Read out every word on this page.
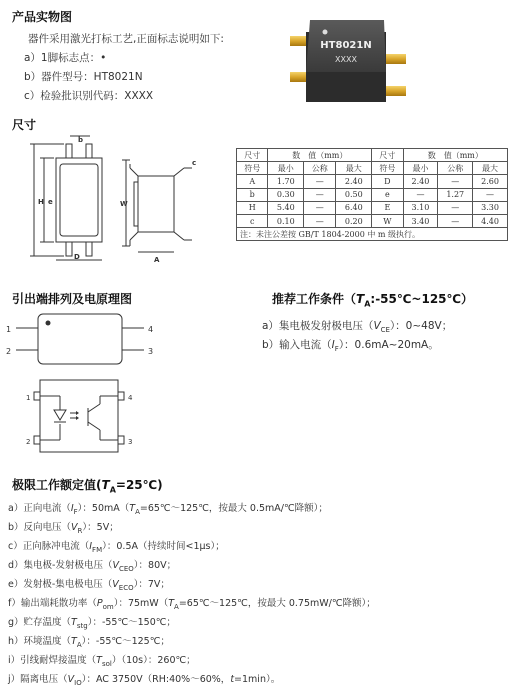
产品实物图
器件采用激光打标工艺,正面标志说明如下:
a）1脚标志点：•
b）器件型号：HT8021N
c）检验批识别代码：XXXX
HT8021N
XXXX
尺寸
H e
D
b
W
A
c
尺寸	数　值（mm）			尺寸	数　值（mm）		
符号	最小	公称	最大	符号	最小	公称	最大
A	1.70	—	2.40	D	2.40	—	2.60
b	0.30	—	0.50	e	—	1.27	—
H	5.40	—	6.40	E	3.10	—	3.30
c	0.10	—	0.20	W	3.40	—	4.40
注：未注公差按 GB/T 1804-2000 中 m 级执行。							
引出端排列及电原理图
1
2	3
4
1
2	3
4
推荐工作条件$(T_A:-55℃\sim 125℃)$
a）集电极发射极电压$(V_{CE})$：0~48V；
b）输入电流$(I_F)$：0.6mA~20mA。
极限工作额定值$(T_A=25℃)$
a）正向电流$(I_F)$：$50mA(T_A=65℃\sim 125℃$，按最大 0.5mA/℃降额）；
b）反向电压$(V_R)$：5V；
c）正向脉冲电流$(I_{FM})$：0.5A（持续时间<1μs）；
d）集电极-发射极电压$(V_{CEO})$：80V；
e）发射极-集电极电压$(V_{ECO})$：7V；
f）输出端耗散功率$(P_{om})$：$75mW(T_A=65℃\sim 125℃$，按最大 0.75mW/℃降额）；
g）贮存温度$(T_{stg})$：-55℃～150℃；
h）环境温度$(T_A)$：-55℃～125℃；
i）引线耐焊接温度$(T_{sol})(10s)$：260℃；
j）隔离电压$(V_{IO})$：AC 3750V（RH:40%～60%，t=1min）。
